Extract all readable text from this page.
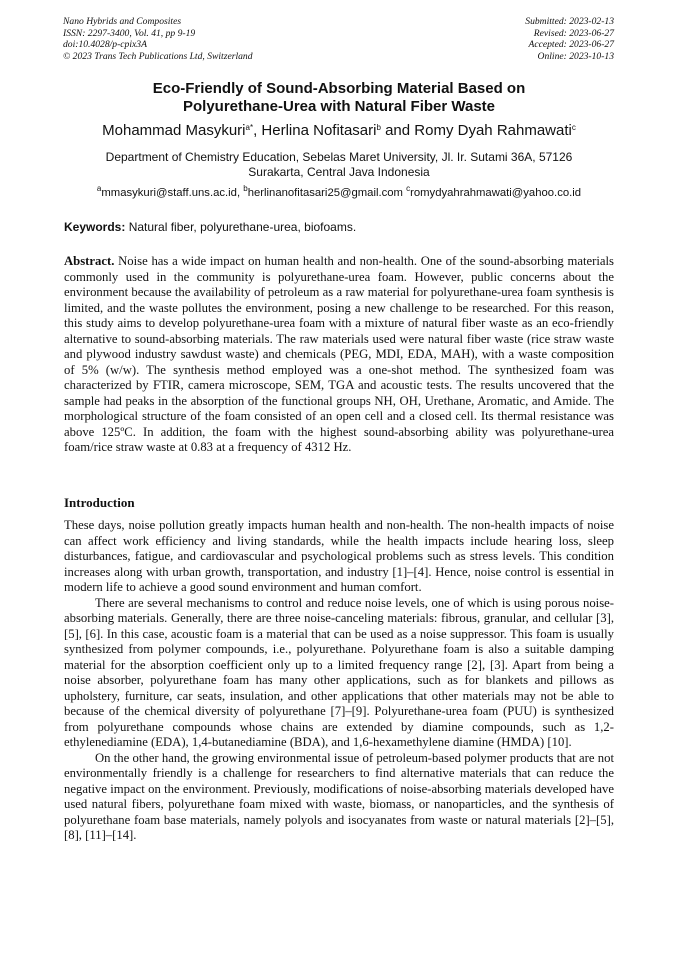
Nano Hybrids and Composites
ISSN: 2297-3400, Vol. 41, pp 9-19
doi:10.4028/p-cpix3A
© 2023 Trans Tech Publications Ltd, Switzerland
Submitted: 2023-02-13
Revised: 2023-06-27
Accepted: 2023-06-27
Online: 2023-10-13
Eco-Friendly of Sound-Absorbing Material Based on
Polyurethane-Urea with Natural Fiber Waste
Mohammad Masykuri$^{a*}$, Herlina Nofitasari$^b$ and Romy Dyah Rahmawati$^c$
Department of Chemistry Education, Sebelas Maret University, Jl. Ir. Sutami 36A, 57126
Surakarta, Central Java Indonesia
$^a$mmasykuri@staff.uns.ac.id, $^b$herlinanofitasari25@gmail.com $^c$romydyahrahmawati@yahoo.co.id
Keywords: Natural fiber, polyurethane-urea, biofoams.
Abstract. Noise has a wide impact on human health and non-health. One of the sound-absorbing materials commonly used in the community is polyurethane-urea foam. However, public concerns about the environment because the availability of petroleum as a raw material for polyurethane-urea foam synthesis is limited, and the waste pollutes the environment, posing a new challenge to be researched. For this reason, this study aims to develop polyurethane-urea foam with a mixture of natural fiber waste as an eco-friendly alternative to sound-absorbing materials. The raw materials used were natural fiber waste (rice straw waste and plywood industry sawdust waste) and chemicals (PEG, MDI, EDA, MAH), with a waste composition of 5% (w/w). The synthesis method employed was a one-shot method. The synthesized foam was characterized by FTIR, camera microscope, SEM, TGA and acoustic tests. The results uncovered that the sample had peaks in the absorption of the functional groups NH, OH, Urethane, Aromatic, and Amide. The morphological structure of the foam consisted of an open cell and a closed cell. Its thermal resistance was above 125ºC. In addition, the foam with the highest sound-absorbing ability was polyurethane-urea foam/rice straw waste at 0.83 at a frequency of 4312 Hz.
Introduction

These days, noise pollution greatly impacts human health and non-health. The non-health impacts of noise can affect work efficiency and living standards, while the health impacts include hearing loss, sleep disturbances, fatigue, and cardiovascular and psychological problems such as stress levels. This condition increases along with urban growth, transportation, and industry [1]–[4]. Hence, noise control is essential in modern life to achieve a good sound environment and human comfort.

There are several mechanisms to control and reduce noise levels, one of which is using porous noise-absorbing materials. Generally, there are three noise-canceling materials: fibrous, granular, and cellular [3], [5], [6]. In this case, acoustic foam is a material that can be used as a noise suppressor. This foam is usually synthesized from polymer compounds, i.e., polyurethane. Polyurethane foam is also a suitable damping material for the absorption coefficient only up to a limited frequency range [2], [3]. Apart from being a noise absorber, polyurethane foam has many other applications, such as for blankets and pillows as upholstery, furniture, car seats, insulation, and other applications that other materials may not be able to because of the chemical diversity of polyurethane [7]–[9]. Polyurethane-urea foam (PUU) is synthesized from polyurethane compounds whose chains are extended by diamine compounds, such as 1,2-ethylenediamine (EDA), 1,4-butanediamine (BDA), and 1,6-hexamethylene diamine (HMDA) [10].

On the other hand, the growing environmental issue of petroleum-based polymer products that are not environmentally friendly is a challenge for researchers to find alternative materials that can reduce the negative impact on the environment. Previously, modifications of noise-absorbing materials developed have used natural fibers, polyurethane foam mixed with waste, biomass, or nanoparticles, and the synthesis of polyurethane foam base materials, namely polyols and isocyanates from waste or natural materials [2]–[5], [8], [11]–[14].
